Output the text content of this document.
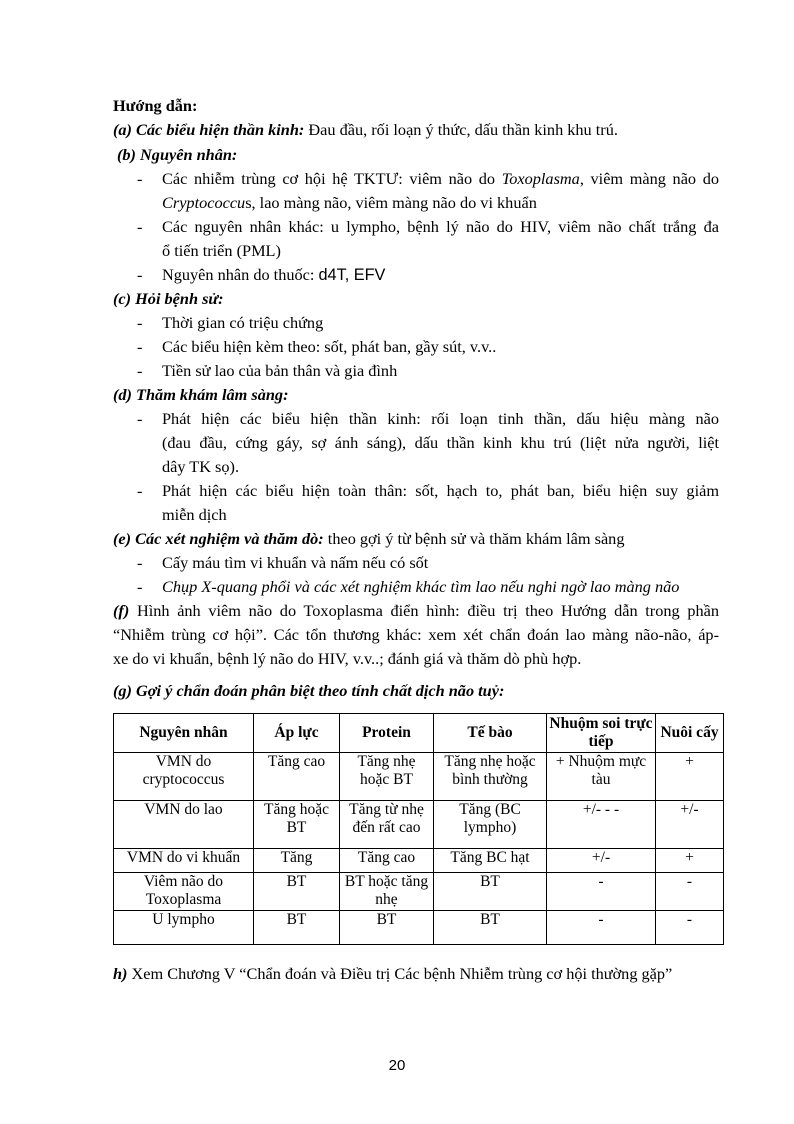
Hướng dẫn:
(a) Các biểu hiện thần kinh: Đau đầu, rối loạn ý thức, dấu thần kinh khu trú.
(b) Nguyên nhân:
- Các nhiễm trùng cơ hội hệ TKTƯ: viêm não do Toxoplasma, viêm màng não do
Cryptococcus, lao màng não, viêm màng não do vi khuẩn
- Các nguyên nhân khác: u lympho, bệnh lý não do HIV, viêm não chất trắng đa
ổ tiến triển (PML)
- Nguyên nhân do thuốc: d4T, EFV
(c) Hỏi bệnh sử:
- Thời gian có triệu chứng
- Các biểu hiện kèm theo: sốt, phát ban, gầy sút, v.v..
- Tiền sử lao của bản thân và gia đình
(d) Thăm khám lâm sàng:
- Phát hiện các biểu hiện thần kinh: rối loạn tinh thần, dấu hiệu màng não
(đau đầu, cứng gáy, sợ ánh sáng), dấu thần kinh khu trú (liệt nửa người, liệt
dây TK sọ).
- Phát hiện các biểu hiện toàn thân: sốt, hạch to, phát ban, biểu hiện suy giảm
miễn dịch
(e) Các xét nghiệm và thăm dò: theo gợi ý từ bệnh sử và thăm khám lâm sàng
- Cấy máu tìm vi khuẩn và nấm nếu có sốt
- Chụp X-quang phổi và các xét nghiệm khác tìm lao nếu nghi ngờ lao màng não
(f) Hình ảnh viêm não do Toxoplasma điển hình: điều trị theo Hướng dẫn trong phần
“Nhiễm trùng cơ hội”. Các tổn thương khác: xem xét chẩn đoán lao màng não-não, áp-
xe do vi khuẩn, bệnh lý não do HIV, v.v..; đánh giá và thăm dò phù hợp.
(g) Gợi ý chẩn đoán phân biệt theo tính chất dịch não tuỷ:
Nguyên nhân	Áp lực	Protein	Tế bào	Nhuộm soi trực tiếp	Nuôi cấy
VMN do cryptococcus	Tăng cao	Tăng nhẹ hoặc BT	Tăng nhẹ hoặc bình thường	+ Nhuộm mực tàu	+
VMN do lao	Tăng hoặc BT	Tăng từ nhẹ đến rất cao	Tăng (BC lympho)	+/- - -	+/-
VMN do vi khuẩn	Tăng	Tăng cao	Tăng BC hạt	+/-	+
Viêm não do Toxoplasma	BT	BT hoặc tăng nhẹ	BT	-	-
U lympho	BT	BT	BT	-	-
h) Xem Chương V “Chẩn đoán và Điều trị Các bệnh Nhiễm trùng cơ hội thường gặp”
20
